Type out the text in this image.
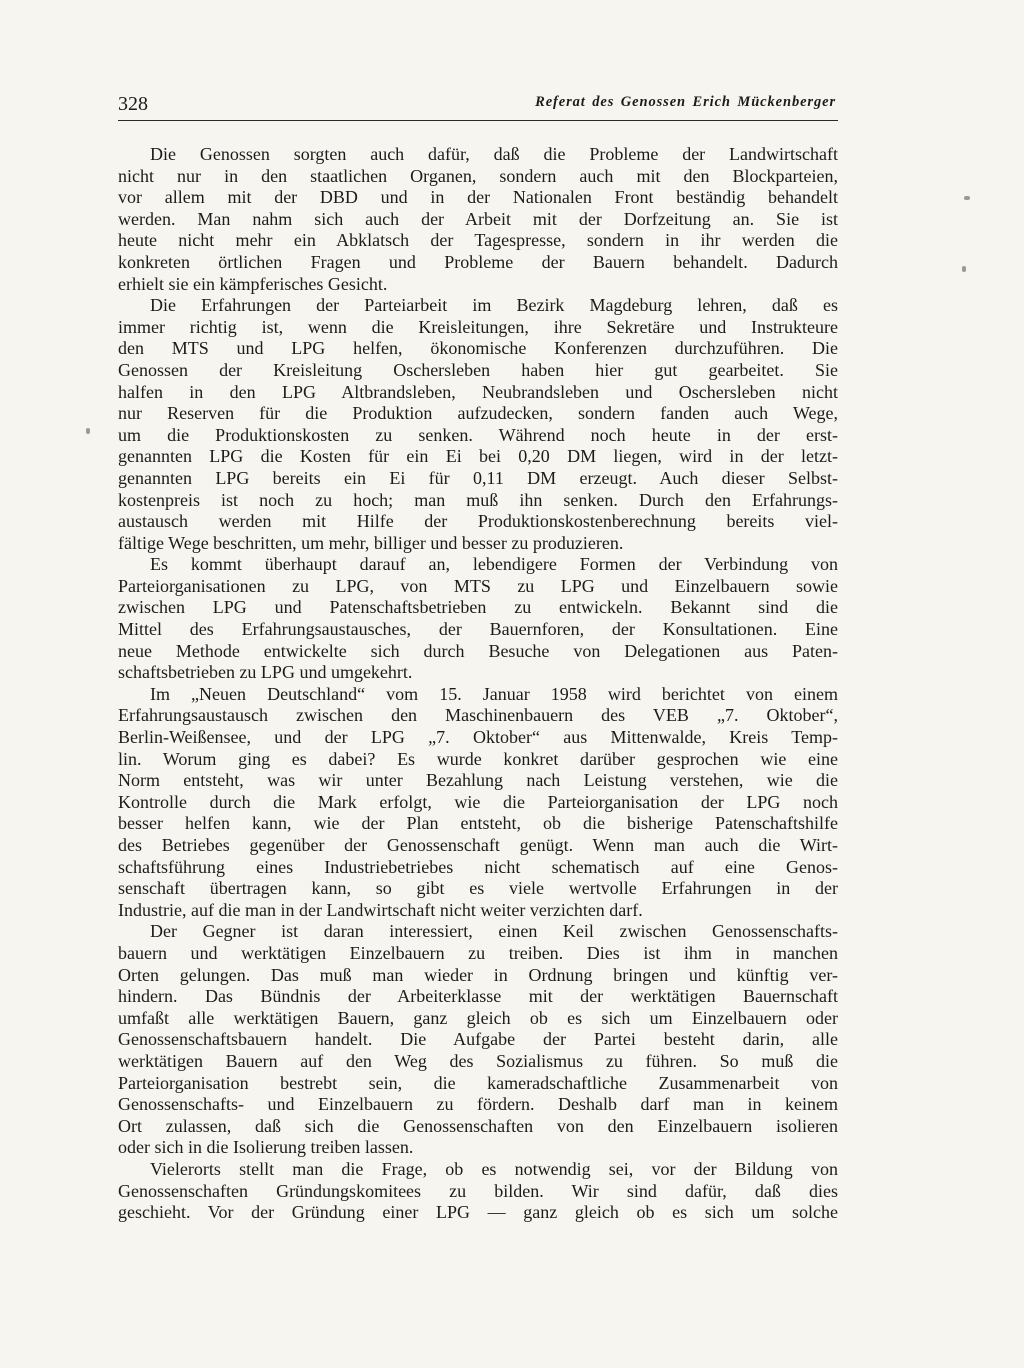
328	Referat des Genossen Erich Mückenberger
Die Genossen sorgten auch dafür, daß die Probleme der Landwirtschaft
nicht nur in den staatlichen Organen, sondern auch mit den Blockparteien,
vor allem mit der DBD und in der Nationalen Front beständig behandelt
werden. Man nahm sich auch der Arbeit mit der Dorfzeitung an. Sie ist
heute nicht mehr ein Abklatsch der Tagespresse, sondern in ihr werden die
konkreten örtlichen Fragen und Probleme der Bauern behandelt. Dadurch
erhielt sie ein kämpferisches Gesicht.
Die Erfahrungen der Parteiarbeit im Bezirk Magdeburg lehren, daß es
immer richtig ist, wenn die Kreisleitungen, ihre Sekretäre und Instrukteure
den MTS und LPG helfen, ökonomische Konferenzen durchzuführen. Die
Genossen der Kreisleitung Oschersleben haben hier gut gearbeitet. Sie
halfen in den LPG Altbrandsleben, Neubrandsleben und Oschersleben nicht
nur Reserven für die Produktion aufzudecken, sondern fanden auch Wege,
um die Produktionskosten zu senken. Während noch heute in der erst-
genannten LPG die Kosten für ein Ei bei 0,20 DM liegen, wird in der letzt-
genannten LPG bereits ein Ei für 0,11 DM erzeugt. Auch dieser Selbst-
kostenpreis ist noch zu hoch; man muß ihn senken. Durch den Erfahrungs-
austausch werden mit Hilfe der Produktionskostenberechnung bereits viel-
fältige Wege beschritten, um mehr, billiger und besser zu produzieren.
Es kommt überhaupt darauf an, lebendigere Formen der Verbindung von
Parteiorganisationen zu LPG, von MTS zu LPG und Einzelbauern sowie
zwischen LPG und Patenschaftsbetrieben zu entwickeln. Bekannt sind die
Mittel des Erfahrungsaustausches, der Bauernforen, der Konsultationen. Eine
neue Methode entwickelte sich durch Besuche von Delegationen aus Paten-
schaftsbetrieben zu LPG und umgekehrt.
Im „Neuen Deutschland“ vom 15. Januar 1958 wird berichtet von einem
Erfahrungsaustausch zwischen den Maschinenbauern des VEB „7. Oktober“,
Berlin-Weißensee, und der LPG „7. Oktober“ aus Mittenwalde, Kreis Temp-
lin. Worum ging es dabei? Es wurde konkret darüber gesprochen wie eine
Norm entsteht, was wir unter Bezahlung nach Leistung verstehen, wie die
Kontrolle durch die Mark erfolgt, wie die Parteiorganisation der LPG noch
besser helfen kann, wie der Plan entsteht, ob die bisherige Patenschaftshilfe
des Betriebes gegenüber der Genossenschaft genügt. Wenn man auch die Wirt-
schaftsführung eines Industriebetriebes nicht schematisch auf eine Genos-
senschaft übertragen kann, so gibt es viele wertvolle Erfahrungen in der
Industrie, auf die man in der Landwirtschaft nicht weiter verzichten darf.
Der Gegner ist daran interessiert, einen Keil zwischen Genossenschafts-
bauern und werktätigen Einzelbauern zu treiben. Dies ist ihm in manchen
Orten gelungen. Das muß man wieder in Ordnung bringen und künftig ver-
hindern. Das Bündnis der Arbeiterklasse mit der werktätigen Bauernschaft
umfaßt alle werktätigen Bauern, ganz gleich ob es sich um Einzelbauern oder
Genossenschaftsbauern handelt. Die Aufgabe der Partei besteht darin, alle
werktätigen Bauern auf den Weg des Sozialismus zu führen. So muß die
Parteiorganisation bestrebt sein, die kameradschaftliche Zusammenarbeit von
Genossenschafts- und Einzelbauern zu fördern. Deshalb darf man in keinem
Ort zulassen, daß sich die Genossenschaften von den Einzelbauern isolieren
oder sich in die Isolierung treiben lassen.
Vielerorts stellt man die Frage, ob es notwendig sei, vor der Bildung von
Genossenschaften Gründungskomitees zu bilden. Wir sind dafür, daß dies
geschieht. Vor der Gründung einer LPG — ganz gleich ob es sich um solche
